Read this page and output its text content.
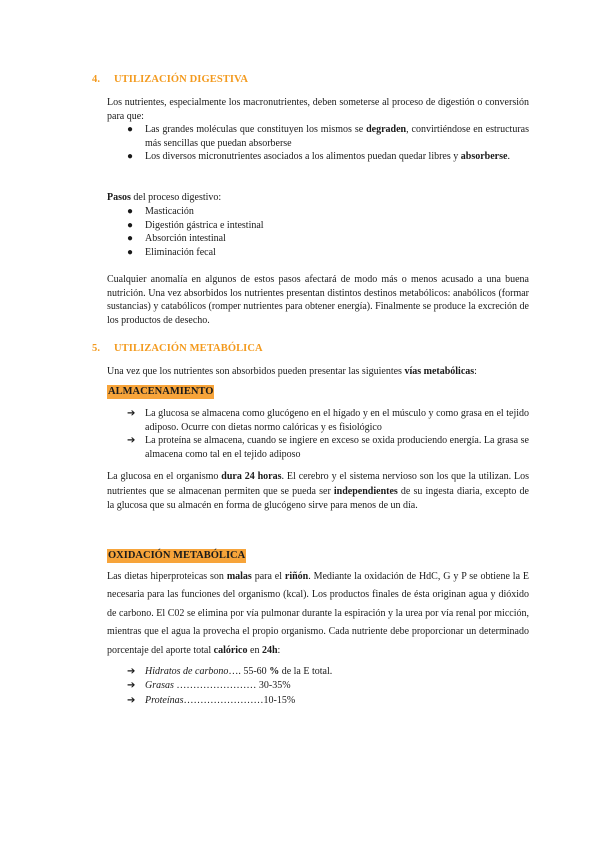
4. UTILIZACIÓN DIGESTIVA
Los nutrientes, especialmente los macronutrientes, deben someterse al proceso de digestión o conversión para que:
●	Las grandes moléculas que constituyen los mismos se degraden, convirtiéndose en estructuras más sencillas que puedan absorberse
●	Los diversos micronutrientes asociados a los alimentos puedan quedar libres y absorberse.
Pasos del proceso digestivo:
●	Masticación
●	Digestión gástrica e intestinal
●	Absorción intestinal
●	Eliminación fecal
Cualquier anomalía en algunos de estos pasos afectará de modo más o menos acusado a una buena nutrición. Una vez absorbidos los nutrientes presentan distintos destinos metabólicos: anabólicos (formar sustancias) y catabólicos (romper nutrientes para obtener energía). Finalmente se produce la excreción de los productos de desecho.
5. UTILIZACIÓN METABÓLICA
Una vez que los nutrientes son absorbidos pueden presentar las siguientes vías metabólicas:
ALMACENAMIENTO
➔ La glucosa se almacena como glucógeno en el hígado y en el músculo y como grasa en el tejido adiposo. Ocurre con dietas normo calóricas y es fisiológico
➔ La proteína se almacena, cuando se ingiere en exceso se oxida produciendo energía. La grasa se almacena como tal en el tejido adiposo
La glucosa en el organismo dura 24 horas. El cerebro y el sistema nervioso son los que la utilizan. Los nutrientes que se almacenan permiten que se pueda ser independientes de su ingesta diaria, excepto de la glucosa que su almacén en forma de glucógeno sirve para menos de un día.
OXIDACIÓN METABÓLICA
Las dietas hiperproteicas son malas para el riñón. Mediante la oxidación de HdC, G y P se obtiene la E necesaria para las funciones del organismo (kcal). Los productos finales de ésta originan agua y dióxido de carbono. El C02 se elimina por vía pulmonar durante la espiración y la urea por vía renal por micción, mientras que el agua la provecha el propio organismo. Cada nutriente debe proporcionar un determinado porcentaje del aporte total calórico en 24h:
➔ Hidratos de carbono…. 55-60 % de la E total.
➔ Grasas …………………… 30-35%
➔ Proteínas……………………10-15%
